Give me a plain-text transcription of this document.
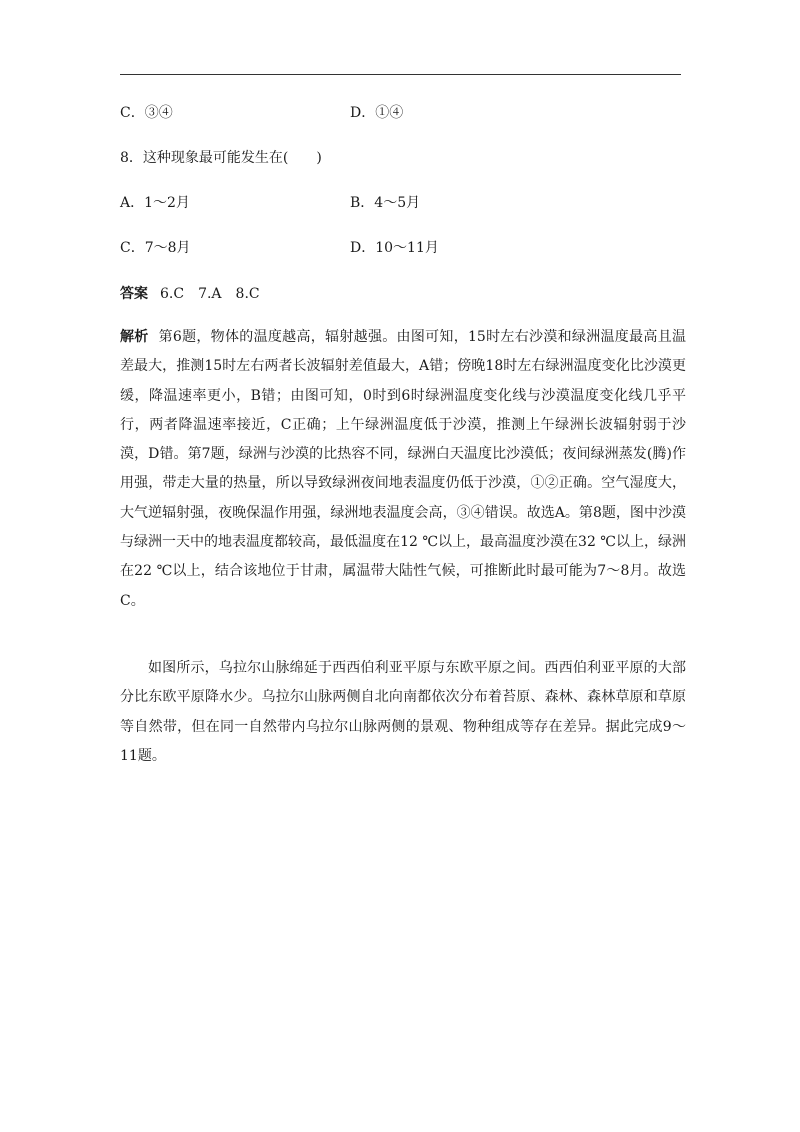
C．③④	D．①④
8．这种现象最可能发生在(　　)
A．1～2月	B．4～5月
C．7～8月	D．10～11月
答案 6.C　7.A　8.C
解析 第6题，物体的温度越高，辐射越强。由图可知，15时左右沙漠和绿洲温度最高且温差最大，推测15时左右两者长波辐射差值最大，A错；傍晚18时左右绿洲温度变化比沙漠更缓，降温速率更小，B错；由图可知，0时到6时绿洲温度变化线与沙漠温度变化线几乎平行，两者降温速率接近，C正确；上午绿洲温度低于沙漠，推测上午绿洲长波辐射弱于沙漠，D错。第7题，绿洲与沙漠的比热容不同，绿洲白天温度比沙漠低；夜间绿洲蒸发(腾)作用强，带走大量的热量，所以导致绿洲夜间地表温度仍低于沙漠，①②正确。空气湿度大，大气逆辐射强，夜晚保温作用强，绿洲地表温度会高，③④错误。故选A。第8题，图中沙漠与绿洲一天中的地表温度都较高，最低温度在12 ℃以上，最高温度沙漠在32 ℃以上，绿洲在22 ℃以上，结合该地位于甘肃，属温带大陆性气候，可推断此时最可能为7～8月。故选C。
如图所示，乌拉尔山脉绵延于西西伯利亚平原与东欧平原之间。西西伯利亚平原的大部分比东欧平原降水少。乌拉尔山脉两侧自北向南都依次分布着苔原、森林、森林草原和草原等自然带，但在同一自然带内乌拉尔山脉两侧的景观、物种组成等存在差异。据此完成9～11题。
